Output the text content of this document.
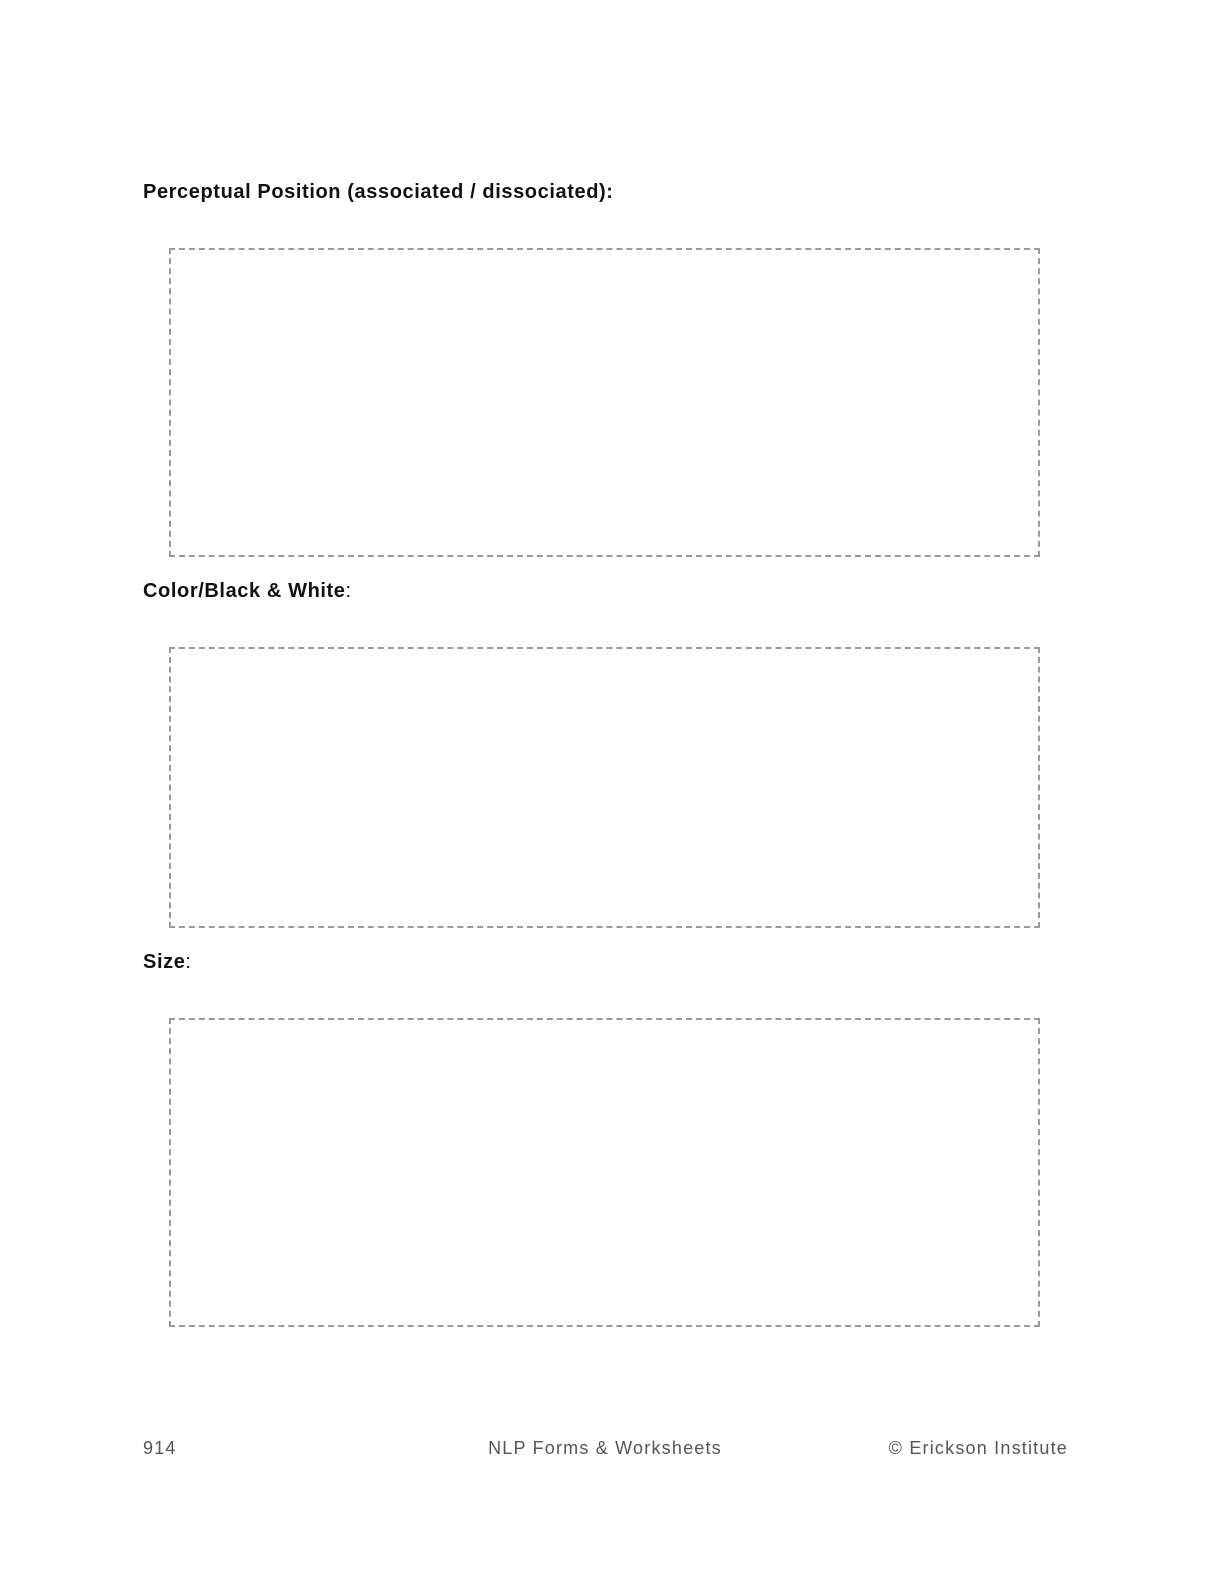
Perceptual Position (associated / dissociated):
Color/Black & White:
Size:
914	NLP Forms & Worksheets	© Erickson Institute
